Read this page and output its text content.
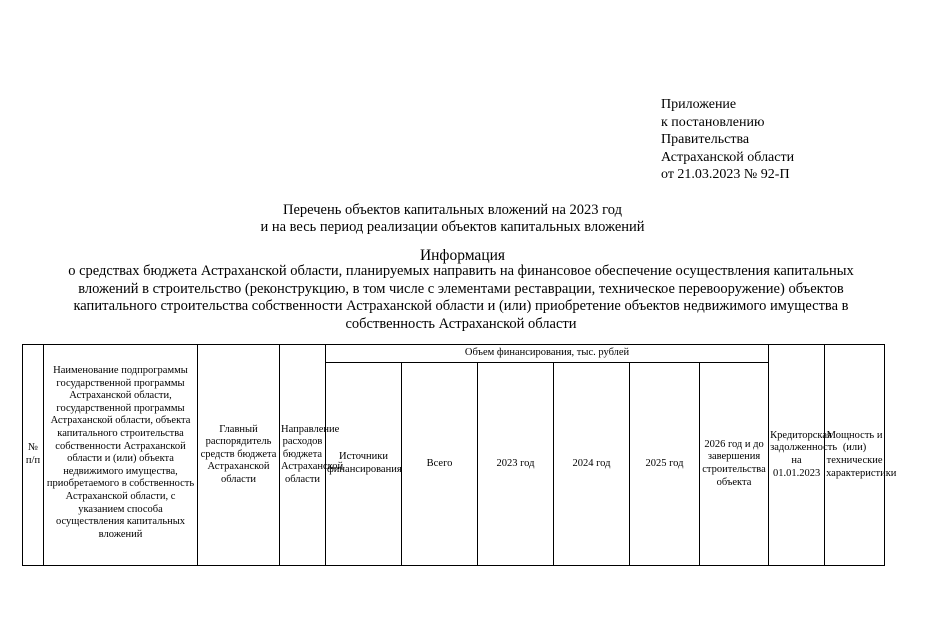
Приложение
к постановлению
Правительства
Астраханской области
от 21.03.2023 № 92-П
Перечень объектов капитальных вложений на 2023 год
и на весь период реализации объектов капитальных вложений
Информация
о средствах бюджета Астраханской области, планируемых направить на финансовое обеспечение осуществления капитальных вложений в строительство (реконструкцию, в том числе с элементами реставрации, техническое перевооружение) объектов капитального строительства собственности Астраханской области и (или) приобретение объектов недвижимого имущества в собственность Астраханской области
№ п/п	Наименование подпрограммы государственной программы Астраханской области, государственной программы Астраханской области, объекта капитального строительства собственности Астраханской области и (или) объекта недвижимого имущества, приобретаемого в собственность Астраханской области, с указанием способа осуществления капитальных вложений	Главный распорядитель средств бюджета Астраханской области	Направление расходов бюджета Астраханской области	Объем финансирования, тыс. рублей						Кредиторская задолженность на 01.01.2023	Мощность и (или) технические характеристики
				Источники финансирования	Всего	2023 год	2024 год	2025 год	2026 год и до завершения строительства объекта		
